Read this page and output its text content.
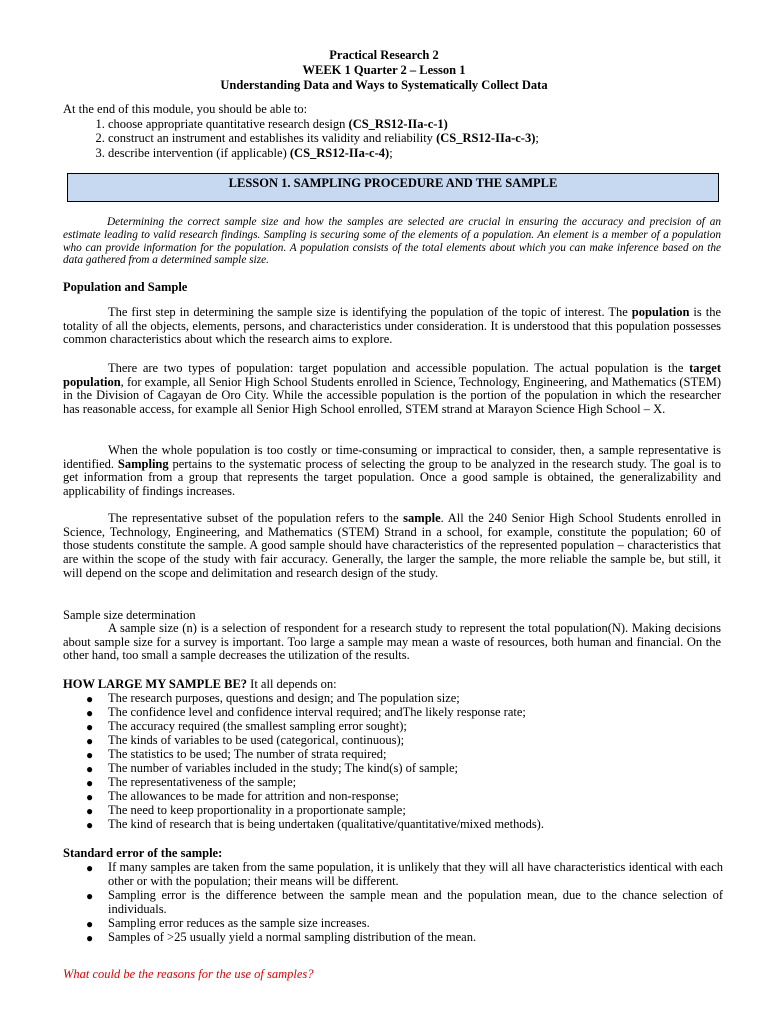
Practical Research 2
WEEK 1 Quarter 2 – Lesson 1
Understanding Data and Ways to Systematically Collect Data
At the end of this module, you should be able to:
1. choose appropriate quantitative research design (CS_RS12-IIa-c-1)
2. construct an instrument and establishes its validity and reliability (CS_RS12-IIa-c-3);
3. describe intervention (if applicable) (CS_RS12-IIa-c-4);
LESSON 1. SAMPLING PROCEDURE AND THE SAMPLE
Determining the correct sample size and how the samples are selected are crucial in ensuring the accuracy and precision of an estimate leading to valid research findings. Sampling is securing some of the elements of a population. An element is a member of a population who can provide information for the population. A population consists of the total elements about which you can make inference based on the data gathered from a determined sample size.
Population and Sample
The first step in determining the sample size is identifying the population of the topic of interest. The population is the totality of all the objects, elements, persons, and characteristics under consideration. It is understood that this population possesses common characteristics about which the research aims to explore.
There are two types of population: target population and accessible population. The actual population is the target population, for example, all Senior High School Students enrolled in Science, Technology, Engineering, and Mathematics (STEM) in the Division of Cagayan de Oro City. While the accessible population is the portion of the population in which the researcher has reasonable access, for example all Senior High School enrolled, STEM strand at Marayon Science High School – X.
When the whole population is too costly or time-consuming or impractical to consider, then, a sample representative is identified. Sampling pertains to the systematic process of selecting the group to be analyzed in the research study. The goal is to get information from a group that represents the target population. Once a good sample is obtained, the generalizability and applicability of findings increases.
The representative subset of the population refers to the sample. All the 240 Senior High School Students enrolled in Science, Technology, Engineering, and Mathematics (STEM) Strand in a school, for example, constitute the population; 60 of those students constitute the sample. A good sample should have characteristics of the represented population – characteristics that are within the scope of the study with fair accuracy. Generally, the larger the sample, the more reliable the sample be, but still, it will depend on the scope and delimitation and research design of the study.
Sample size determination
A sample size (n) is a selection of respondent for a research study to represent the total population(N). Making decisions about sample size for a survey is important. Too large a sample may mean a waste of resources, both human and financial. On the other hand, too small a sample decreases the utilization of the results.
HOW LARGE MY SAMPLE BE? It all depends on:
● The research purposes, questions and design; and The population size;
● The confidence level and confidence interval required; andThe likely response rate;
● The accuracy required (the smallest sampling error sought);
● The kinds of variables to be used (categorical, continuous);
● The statistics to be used; The number of strata required;
● The number of variables included in the study; The kind(s) of sample;
● The representativeness of the sample;
● The allowances to be made for attrition and non-response;
● The need to keep proportionality in a proportionate sample;
● The kind of research that is being undertaken (qualitative/quantitative/mixed methods).
Standard error of the sample:
● If many samples are taken from the same population, it is unlikely that they will all have characteristics identical with each other or with the population; their means will be different.
● Sampling error is the difference between the sample mean and the population mean, due to the chance selection of individuals.
● Sampling error reduces as the sample size increases.
● Samples of >25 usually yield a normal sampling distribution of the mean.
What could be the reasons for the use of samples?
